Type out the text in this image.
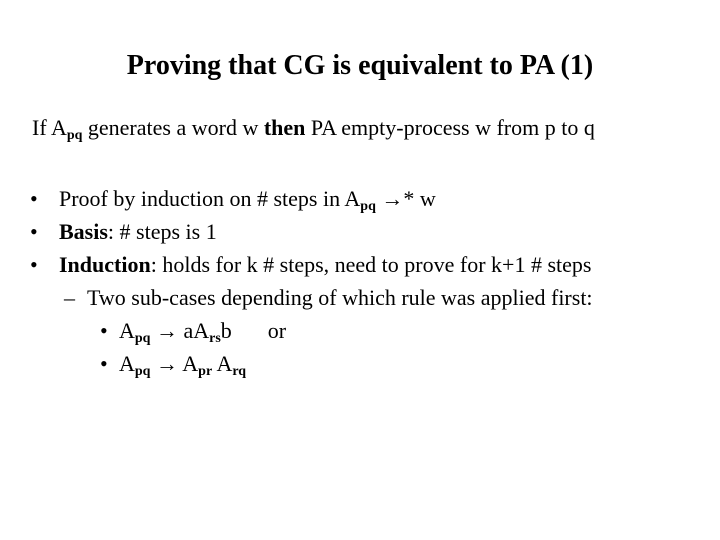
Proving that CG is equivalent to PA (1)
If $A_{pq}$ generates a word w then PA empty-process w from p to q
• Proof by induction on # steps in $A_{pq} \to* w$
• Basis: # steps is 1
• Induction: holds for k # steps, need to prove for k+1 # steps
– Two sub-cases depending of which rule was applied first:
• $A_{pq} \to aA_{rs}b$ or
• $A_{pq} \to A_{pr}$ $A_{rq}$
